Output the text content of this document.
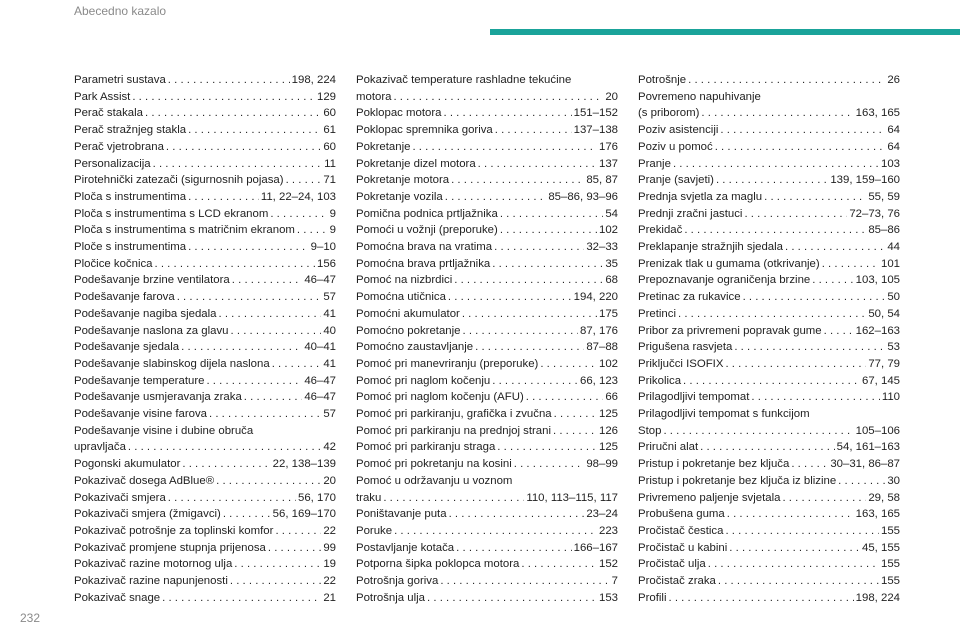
Abecedno kazalo
Parametri sustava . . .	198, 224
Park Assist . . .	129
Perač stakala . . .	60
Perač stražnjeg stakla . . .	61
Perač vjetrobrana . . .	60
Personalizacija . . .	11
Pirotehnički zatezači (sigurnosnih pojasa) . . .	71
Ploča s instrumentima . . .	11, 22–24, 103
Ploča s instrumentima s LCD ekranom . . .	9
Ploča s instrumentima s matričnim ekranom . . .	9
Ploče s instrumentima . . .	9–10
Pločice kočnica . . .	156
Podešavanje brzine ventilatora . . .	46–47
Podešavanje farova . . .	57
Podešavanje nagiba sjedala . . .	41
Podešavanje naslona za glavu . . .	40
Podešavanje sjedala . . .	40–41
Podešavanje slabinskog dijela naslona . . .	41
Podešavanje temperature . . .	46–47
Podešavanje usmjeravanja zraka . . .	46–47
Podešavanje visine farova . . .	57
Podešavanje visine i dubine obruča
upravljača . . .	42
Pogonski akumulator . . .	22, 138–139
Pokazivač dosega AdBlue® . . .	20
Pokazivači smjera . . .	56, 170
Pokazivači smjera (žmigavci) . . .	56, 169–170
Pokazivač potrošnje za toplinski komfor . . .	22
Pokazivač promjene stupnja prijenosa . . .	99
Pokazivač razine motornog ulja . . .	19
Pokazivač razine napunjenosti . . .	22
Pokazivač snage . . .	21
Pokazivač temperature rashladne tekućine
motora . . .	20
Poklopac motora . . .	151–152
Poklopac spremnika goriva . . .	137–138
Pokretanje . . .	176
Pokretanje dizel motora . . .	137
Pokretanje motora . . .	85, 87
Pokretanje vozila . . .	85–86, 93–96
Pomična podnica prtljažnika . . .	54
Pomoći u vožnji (preporuke) . . .	102
Pomoćna brava na vratima . . .	32–33
Pomoćna brava prtljažnika . . .	35
Pomoć na nizbrdici . . .	68
Pomoćna utičnica . . .	194, 220
Pomoćni akumulator . . .	175
Pomoćno pokretanje . . .	87, 176
Pomoćno zaustavljanje . . .	87–88
Pomoć pri manevriranju (preporuke) . . .	102
Pomoć pri naglom kočenju . . .	66, 123
Pomoć pri naglom kočenju (AFU) . . .	66
Pomoć pri parkiranju, grafička i zvučna . . .	125
Pomoć pri parkiranju na prednjoj strani . . .	126
Pomoć pri parkiranju straga . . .	125
Pomoć pri pokretanju na kosini . . .	98–99
Pomoć u održavanju u voznom
traku . . .	110, 113–115, 117
Poništavanje puta . . .	23–24
Poruke . . .	223
Postavljanje kotača . . .	166–167
Potporna šipka poklopca motora . . .	152
Potrošnja goriva . . .	7
Potrošnja ulja . . .	153
Potrošnje . . .	26
Povremeno napuhivanje
(s priborom) . . .	163, 165
Poziv asistenciji . . .	64
Poziv u pomoć . . .	64
Pranje . . .	103
Pranje (savjeti) . . .	139, 159–160
Prednja svjetla za maglu . . .	55, 59
Prednji zračni jastuci . . .	72–73, 76
Prekidač . . .	85–86
Preklapanje stražnjih sjedala . . .	44
Prenizak tlak u gumama (otkrivanje) . . .	101
Prepoznavanje ograničenja brzine . . .	103, 105
Pretinac za rukavice . . .	50
Pretinci . . .	50, 54
Pribor za privremeni popravak gume . . .	162–163
Prigušena rasvjeta . . .	53
Priključci ISOFIX . . .	77, 79
Prikolica . . .	67, 145
Prilagodljivi tempomat . . .	110
Prilagodljivi tempomat s funkcijom
Stop . . .	105–106
Priručni alat . . .	54, 161–163
Pristup i pokretanje bez ključa . . .	30–31, 86–87
Pristup i pokretanje bez ključa iz blizine . . .	30
Privremeno paljenje svjetala . . .	29, 58
Probušena guma . . .	163, 165
Pročistač čestica . . .	155
Pročistač u kabini . . .	45, 155
Pročistač ulja . . .	155
Pročistač zraka . . .	155
Profili . . .	198, 224
232
